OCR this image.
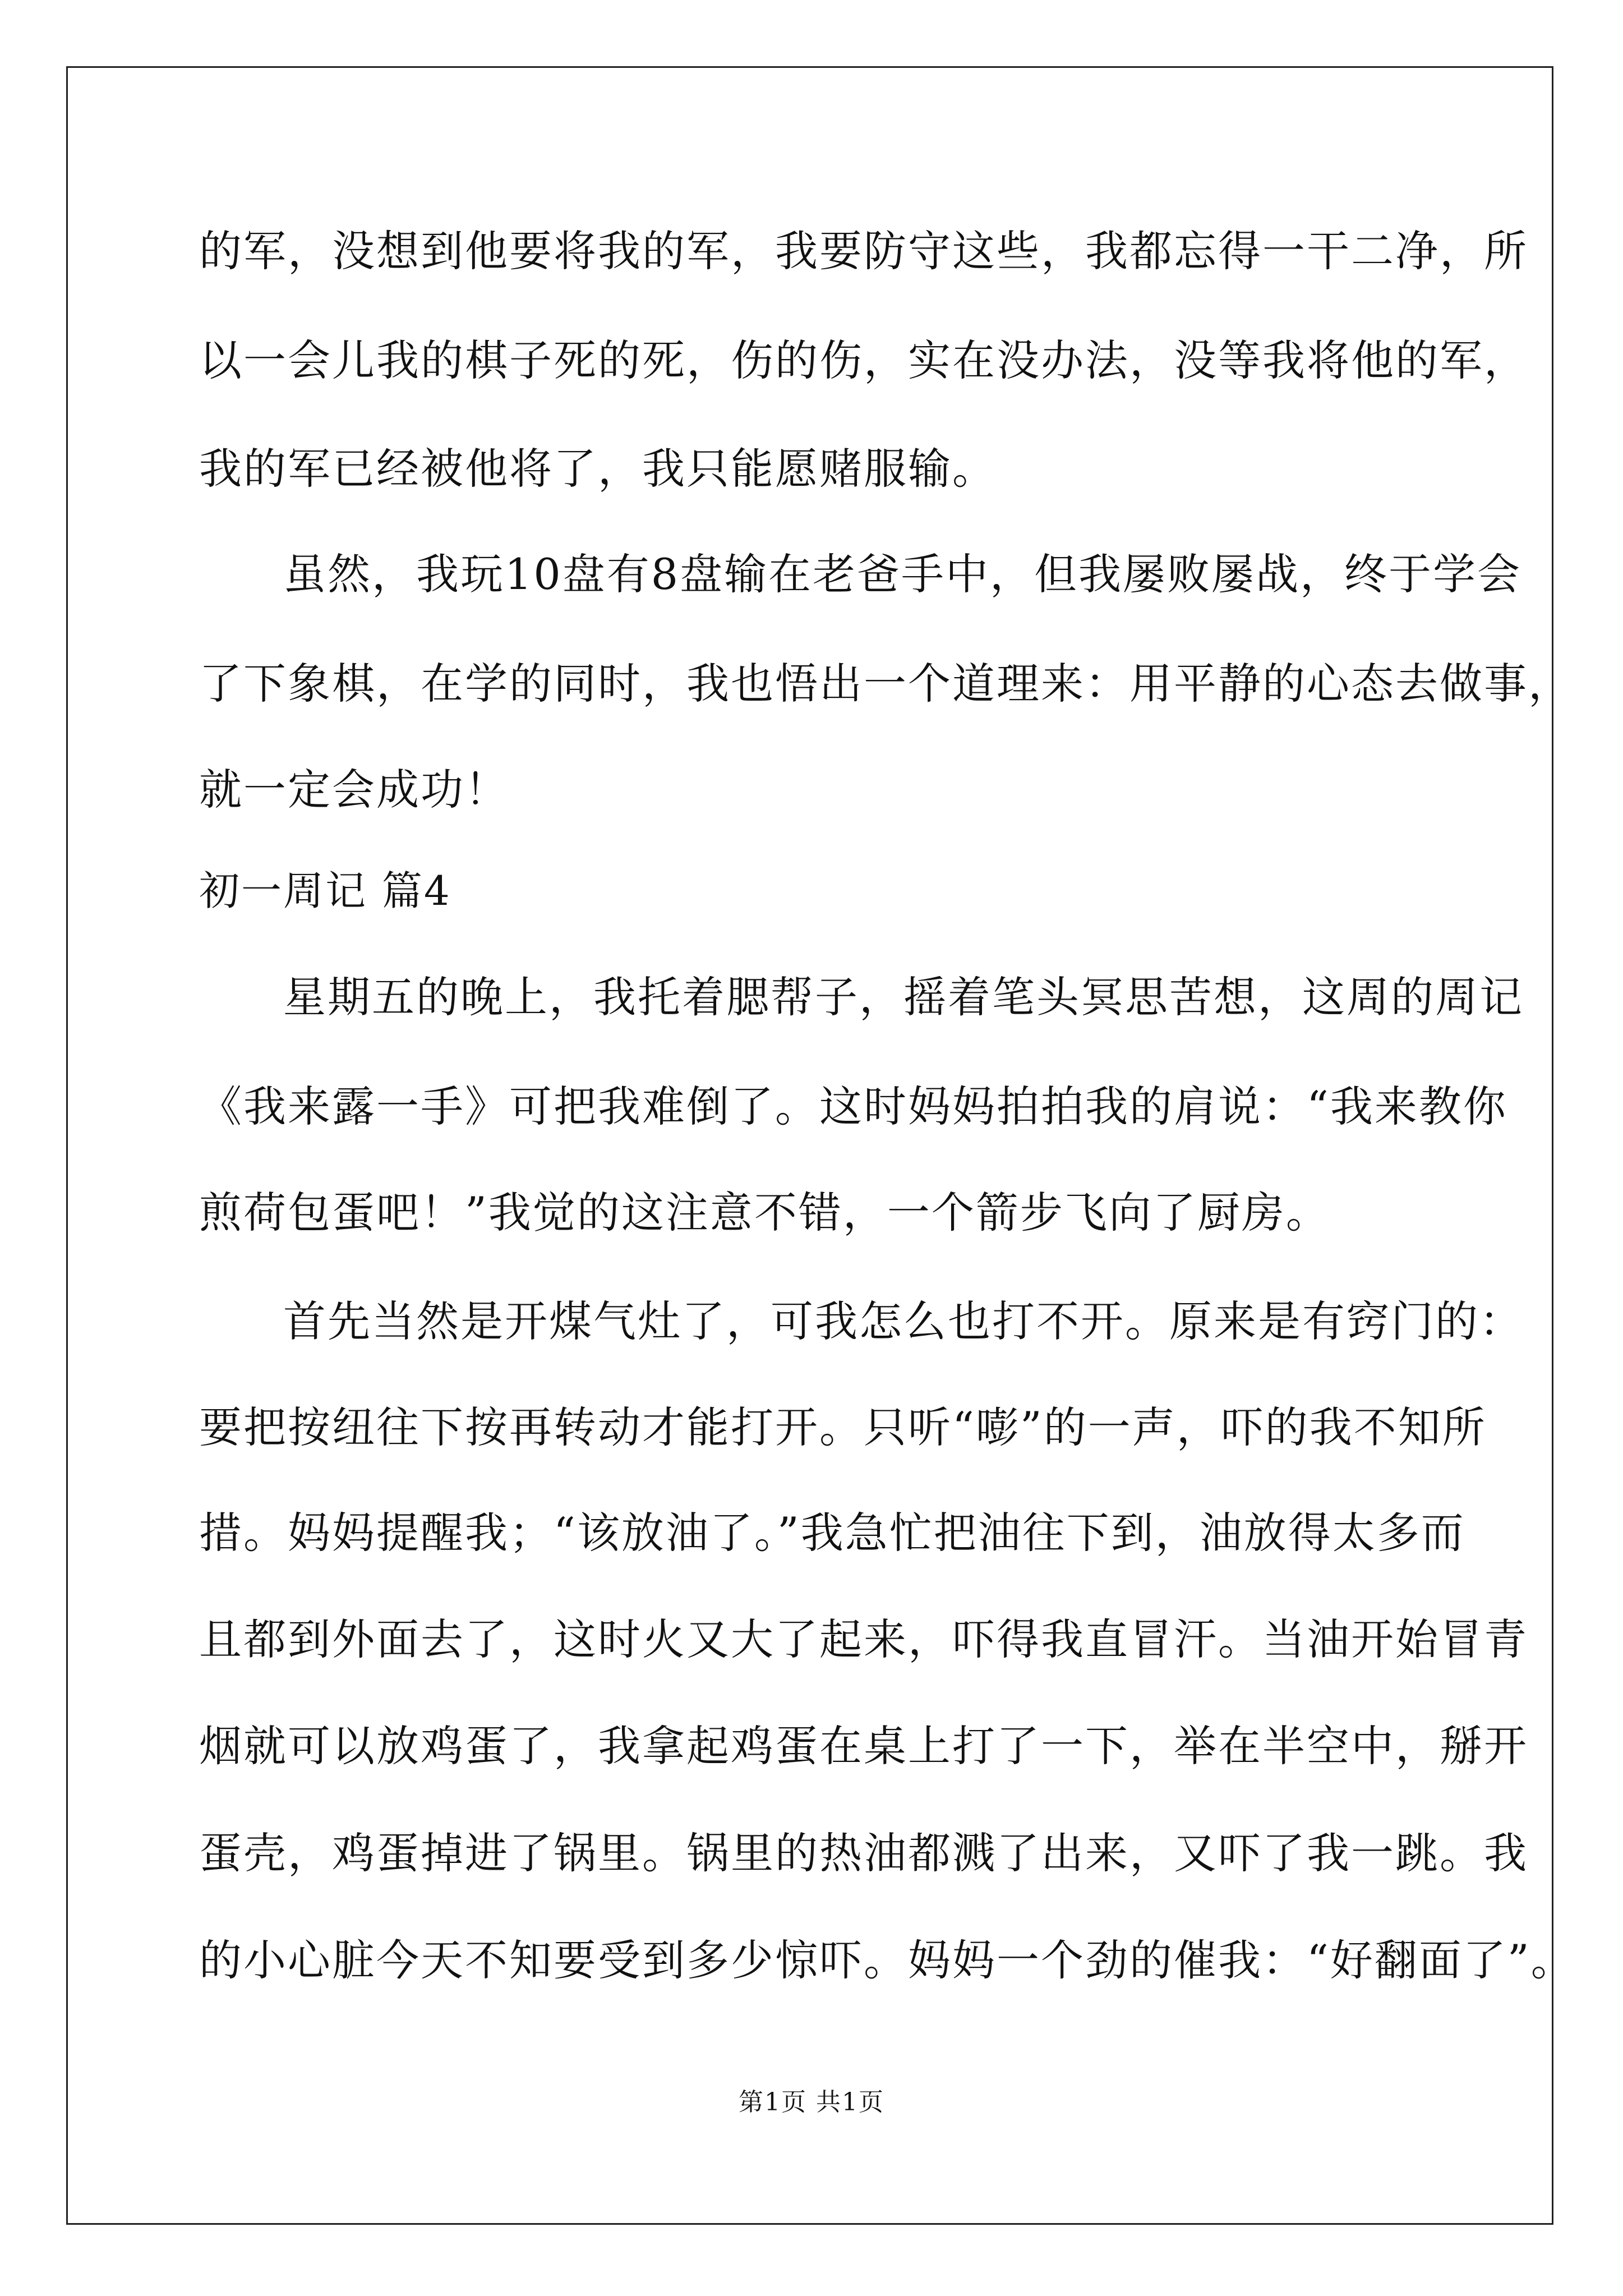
的军，没想到他要将我的军，我要防守这些，我都忘得一干二净，所
以一会儿我的棋子死的死，伤的伤，实在没办法，没等我将他的军，
我的军已经被他将了，我只能愿赌服输。
虽然，我玩10盘有8盘输在老爸手中，但我屡败屡战，终于学会
了下象棋，在学的同时，我也悟出一个道理来：用平静的心态去做事，
就一定会成功！
初一周记 篇4
星期五的晚上，我托着腮帮子，摇着笔头冥思苦想，这周的周记
《我来露一手》可把我难倒了。这时妈妈拍拍我的肩说：“我来教你
煎荷包蛋吧！”我觉的这注意不错，一个箭步飞向了厨房。
首先当然是开煤气灶了，可我怎么也打不开。原来是有窍门的：
要把按纽往下按再转动才能打开。只听“嘭”的一声，吓的我不知所
措。妈妈提醒我；“该放油了。”我急忙把油往下到，油放得太多而
且都到外面去了，这时火又大了起来，吓得我直冒汗。当油开始冒青
烟就可以放鸡蛋了，我拿起鸡蛋在桌上打了一下，举在半空中，掰开
蛋壳，鸡蛋掉进了锅里。锅里的热油都溅了出来，又吓了我一跳。我
的小心脏今天不知要受到多少惊吓。妈妈一个劲的催我：“好翻面了”。
第1页 共1页
